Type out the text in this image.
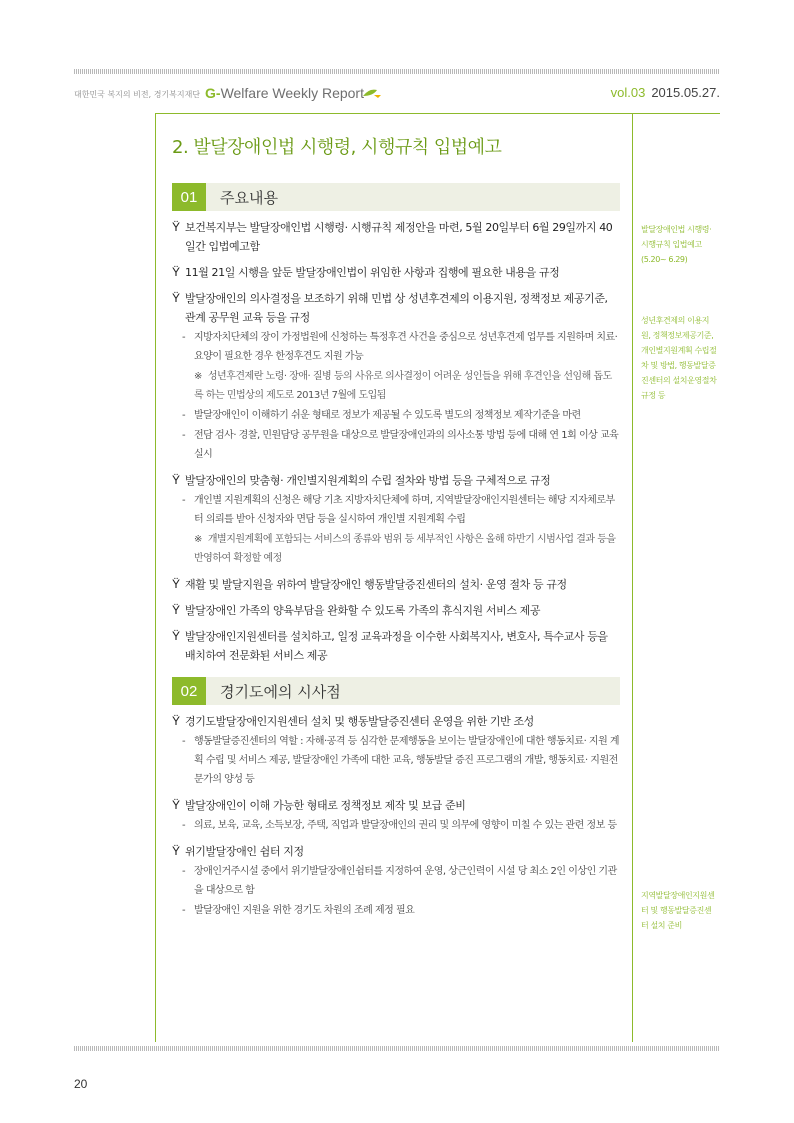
대한민국 복지의 비전, 경기복지재단 G-Welfare Weekly Report	vol.03 2015.05.27.
2. 발달장애인법 시행령, 시행규칙 입법예고
01	주요내용
Ÿ 보건복지부는 발달장애인법 시행령· 시행규칙 제정안을 마련, 5월 20일부터 6월 29일까지 40일간 입법예고함
Ÿ 11월 21일 시행을 앞둔 발달장애인법이 위임한 사항과 집행에 필요한 내용을 규정
Ÿ 발달장애인의 의사결정을 보조하기 위해 민법 상 성년후견제의 이용지원, 정책정보 제공기준, 관계 공무원 교육 등을 규정
- 지방자치단체의 장이 가정법원에 신청하는 특정후견 사건을 중심으로 성년후견제 업무를 지원하며 치료· 요양이 필요한 경우 한정후견도 지원 가능
※ 성년후견제란 노령· 장애· 질병 등의 사유로 의사결정이 어려운 성인들을 위해 후견인을 선임해 돕도록 하는 민법상의 제도로 2013년 7월에 도입됨
- 발달장애인이 이해하기 쉬운 형태로 정보가 제공될 수 있도록 별도의 정책정보 제작기준을 마련
- 전담 검사· 경찰, 민원담당 공무원을 대상으로 발달장애인과의 의사소통 방법 등에 대해 연 1회 이상 교육 실시
Ÿ 발달장애인의 맞춤형· 개인별지원계획의 수립 절차와 방법 등을 구체적으로 규정
- 개인별 지원계획의 신청은 해당 기초 지방자치단체에 하며, 지역발달장애인지원센터는 해당 지자체로부터 의뢰를 받아 신청자와 면담 등을 실시하여 개인별 지원계획 수립
※ 개별지원계획에 포함되는 서비스의 종류와 범위 등 세부적인 사항은 올해 하반기 시범사업 결과 등을 반영하여 확정할 예정
Ÿ 재활 및 발달지원을 위하여 발달장애인 행동발달증진센터의 설치· 운영 절차 등 규정
Ÿ 발달장애인 가족의 양육부담을 완화할 수 있도록 가족의 휴식지원 서비스 제공
Ÿ 발달장애인지원센터를 설치하고, 일정 교육과정을 이수한 사회복지사, 변호사, 특수교사 등을 배치하여 전문화된 서비스 제공
02	경기도에의 시사점
Ÿ 경기도발달장애인지원센터 설치 및 행동발달증진센터 운영을 위한 기반 조성
- 행동발달증진센터의 역할 : 자해·공격 등 심각한 문제행동을 보이는 발달장애인에 대한 행동치료· 지원 계획 수립 및 서비스 제공, 발달장애인 가족에 대한 교육, 행동발달 증진 프로그램의 개발, 행동치료· 지원전문가의 양성 등
Ÿ 발달장애인이 이해 가능한 형태로 정책정보 제작 및 보급 준비
- 의료, 보육, 교육, 소득보장, 주택, 직업과 발달장애인의 권리 및 의무에 영향이 미칠 수 있는 관련 정보 등
Ÿ 위기발달장애인 쉼터 지정
- 장애인거주시설 중에서 위기발달장애인쉼터를 지정하여 운영, 상근인력이 시설 당 최소 2인 이상인 기관을 대상으로 함
- 발달장애인 지원을 위한 경기도 차원의 조례 제정 필요
발달장애인법 시행령· 시행규칙 입법예고(5.20~ 6.29)
성년후견제의 이용지원, 정책정보제공기준, 개인별지원계획 수립절차 및 방법, 행동발달증진센터의 설치운영절차 규정 등
지역발달장애인지원센터 및 행동발달증진센터 설치 준비
20
